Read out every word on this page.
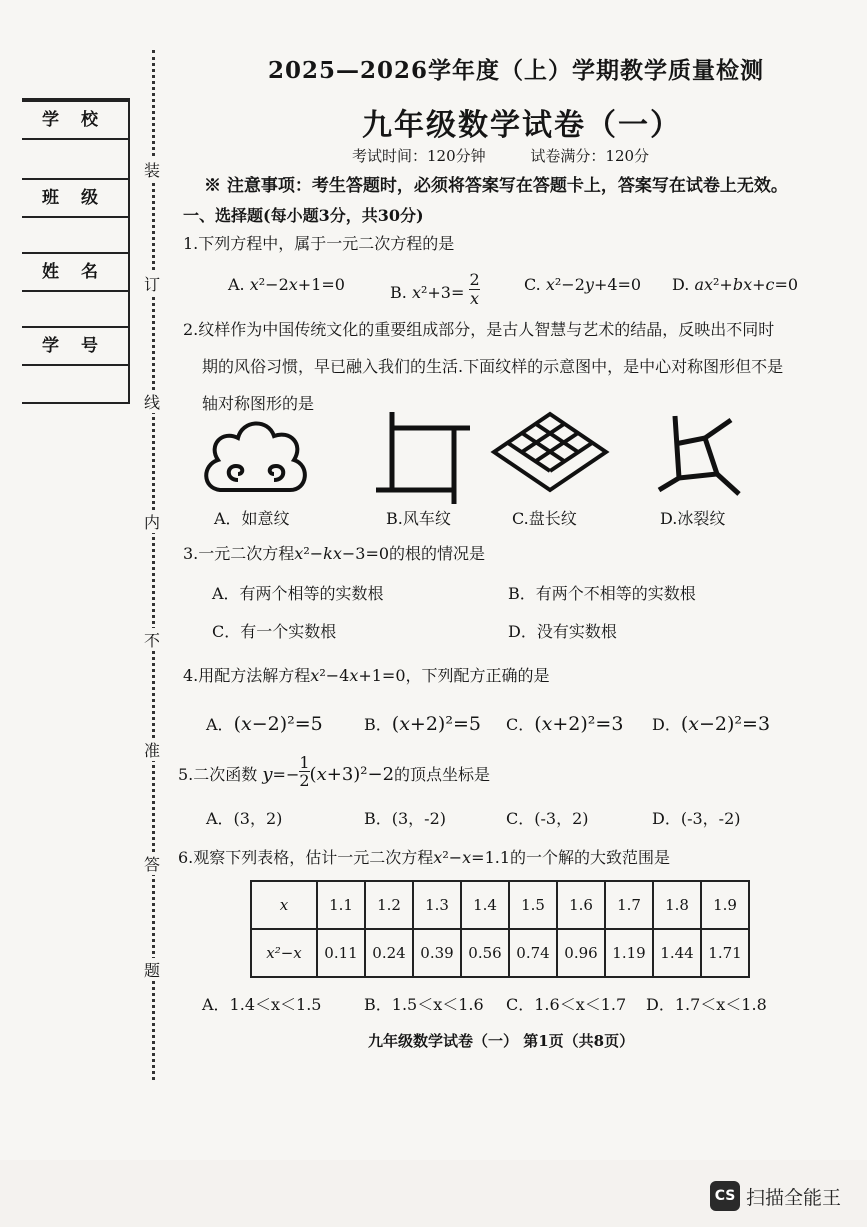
学校
班级
姓名
学号
装
订
线
内
不
准
答
题
2025—2026学年度（上）学期教学质量检测
九年级数学试卷（一）
考试时间：120分钟	试卷满分：120分
※ 注意事项：考生答题时，必须将答案写在答题卡上，答案写在试卷上无效。
一、选择题(每小题3分，共30分)
1.下列方程中，属于一元二次方程的是
A. x²−2x+1=0	B. $x^2+3= \frac{2}{x}$	C. x²−2y+4=0 D. ax²+bx+c=0
2.纹样作为中国传统文化的重要组成部分，是古人智慧与艺术的结晶，反映出不同时
期的风俗习惯，早已融入我们的生活.下面纹样的示意图中，是中心对称图形但不是
轴对称图形的是
A．如意纹	B.风车纹	C.盘长纹	D.冰裂纹
3.一元二次方程x²−kx−3=0的根的情况是
A．有两个相等的实数根	B．有两个不相等的实数根
C．有一个实数根	D．没有实数根
4.用配方法解方程x²−4x+1=0，下列配方正确的是
A．(x−2)²=5	B．(x+2)²=5 C．(x+2)²=3 D．(x−2)²=3
5.二次函数 $y=- \frac{1}{2} (x+3)^2-2$的顶点坐标是
A．(3，2)	B．(3，-2)	C．(-3，2)	D．(-3，-2)
6.观察下列表格，估计一元二次方程x²−x=1.1的一个解的大致范围是
x	1.1	1.2	1.3	1.4	1.5	1.6	1.7	1.8	1.9
x²−x	0.11	0.24	0.39	0.56	0.74	0.96	1.19	1.44	1.71
A．1.4＜x＜1.5	B．1.5＜x＜1.6 C．1.6＜x＜1.7 D．1.7＜x＜1.8
九年级数学试卷（一） 第1页（共8页）
CS 扫描全能王
